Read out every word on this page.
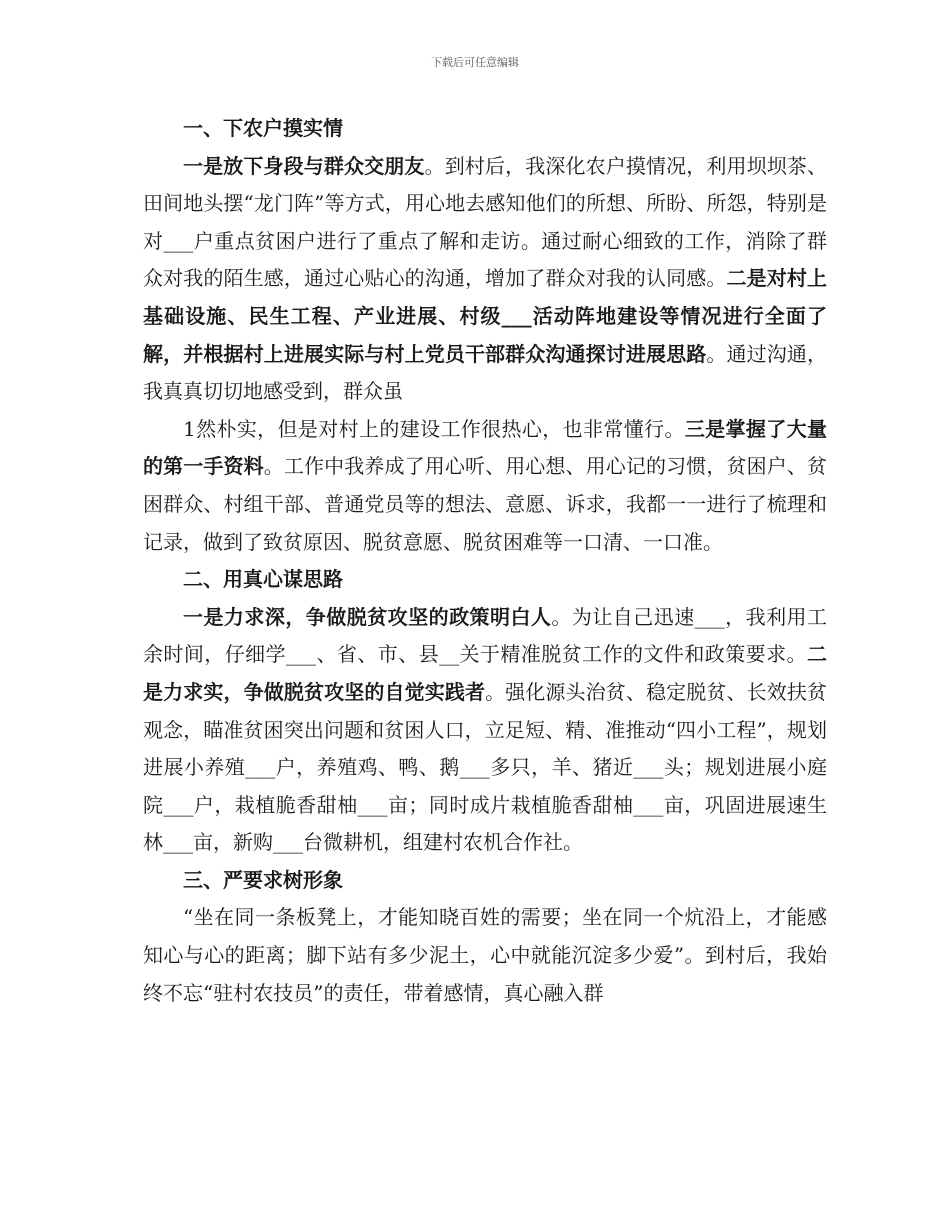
下载后可任意编辑

一、下农户摸实情

一是放下身段与群众交朋友。到村后，我深化农户摸情况，利用坝坝茶、田间地头摆“龙门阵”等方式，用心地去感知他们的所想、所盼、所怨，特别是对___户重点贫困户进行了重点了解和走访。通过耐心细致的工作，消除了群众对我的陌生感，通过心贴心的沟通，增加了群众对我的认同感。二是对村上基础设施、民生工程、产业进展、村级___活动阵地建设等情况进行全面了解，并根据村上进展实际与村上党员干部群众沟通探讨进展思路。通过沟通，我真真切切地感受到，群众虽

1然朴实，但是对村上的建设工作很热心，也非常懂行。三是掌握了大量的第一手资料。工作中我养成了用心听、用心想、用心记的习惯，贫困户、贫困群众、村组干部、普通党员等的想法、意愿、诉求，我都一一进行了梳理和记录，做到了致贫原因、脱贫意愿、脱贫困难等一口清、一口准。

二、用真心谋思路

一是力求深，争做脱贫攻坚的政策明白人。为让自己迅速___，我利用工余时间，仔细学___、省、市、县__关于精准脱贫工作的文件和政策要求。二是力求实，争做脱贫攻坚的自觉实践者。强化源头治贫、稳定脱贫、长效扶贫观念，瞄准贫困突出问题和贫困人口，立足短、精、准推动“四小工程”，规划进展小养殖___户，养殖鸡、鸭、鹅___多只，羊、猪近___头；规划进展小庭院___户，栽植脆香甜柚___亩；同时成片栽植脆香甜柚___亩，巩固进展速生林___亩，新购___台微耕机，组建村农机合作社。

三、严要求树形象

“坐在同一条板凳上，才能知晓百姓的需要；坐在同一个炕沿上，才能感知心与心的距离；脚下站有多少泥土，心中就能沉淀多少爱”。到村后，我始终不忘“驻村农技员”的责任，带着感情，真心融入群
